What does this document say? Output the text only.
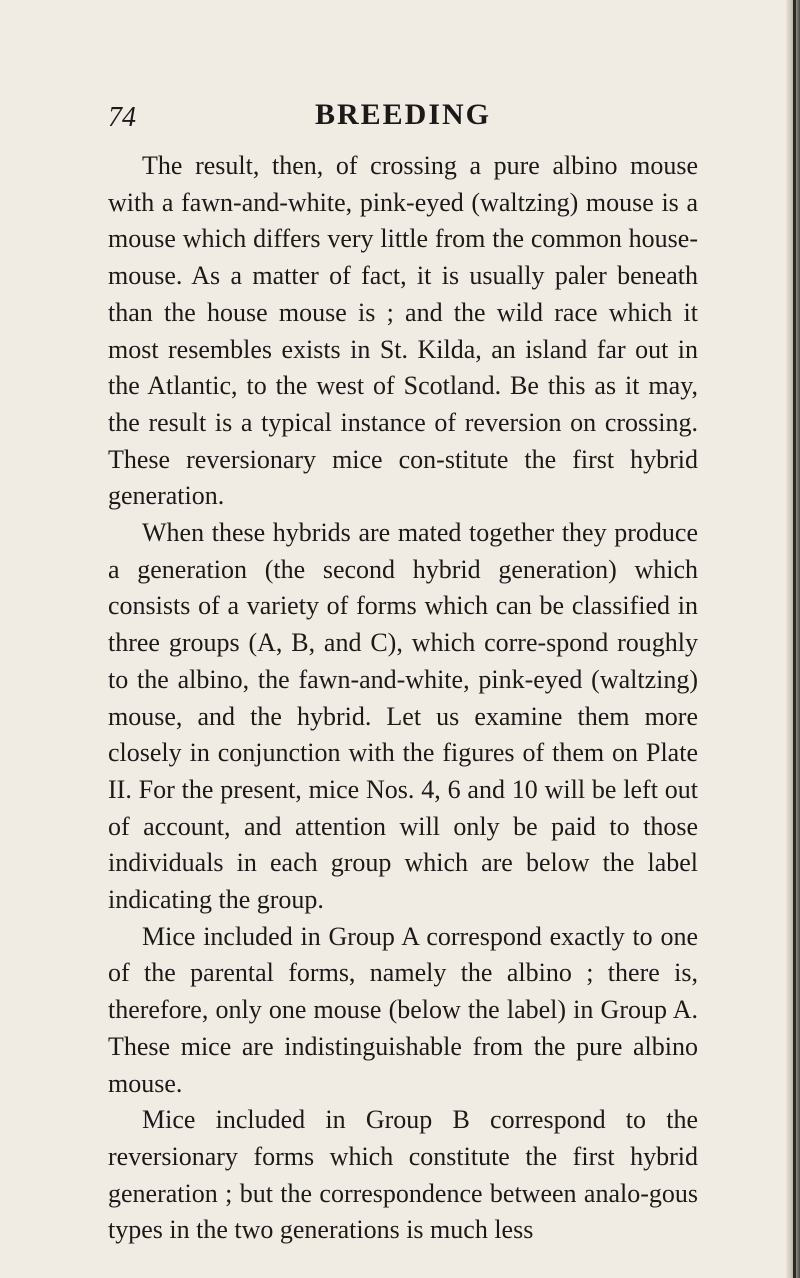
74	BREEDING

The result, then, of crossing a pure albino mouse with a fawn-and-white, pink-eyed (waltzing) mouse is a mouse which differs very little from the common house-mouse. As a matter of fact, it is usually paler beneath than the house mouse is ; and the wild race which it most resembles exists in St. Kilda, an island far out in the Atlantic, to the west of Scotland. Be this as it may, the result is a typical instance of reversion on crossing. These reversionary mice con-stitute the first hybrid generation.

When these hybrids are mated together they produce a generation (the second hybrid generation) which consists of a variety of forms which can be classified in three groups (A, B, and C), which corre-spond roughly to the albino, the fawn-and-white, pink-eyed (waltzing) mouse, and the hybrid. Let us examine them more closely in conjunction with the figures of them on Plate II. For the present, mice Nos. 4, 6 and 10 will be left out of account, and attention will only be paid to those individuals in each group which are below the label indicating the group.

Mice included in Group A correspond exactly to one of the parental forms, namely the albino ; there is, therefore, only one mouse (below the label) in Group A. These mice are indistinguishable from the pure albino mouse.

Mice included in Group B correspond to the reversionary forms which constitute the first hybrid generation ; but the correspondence between analo-gous types in the two generations is much less
